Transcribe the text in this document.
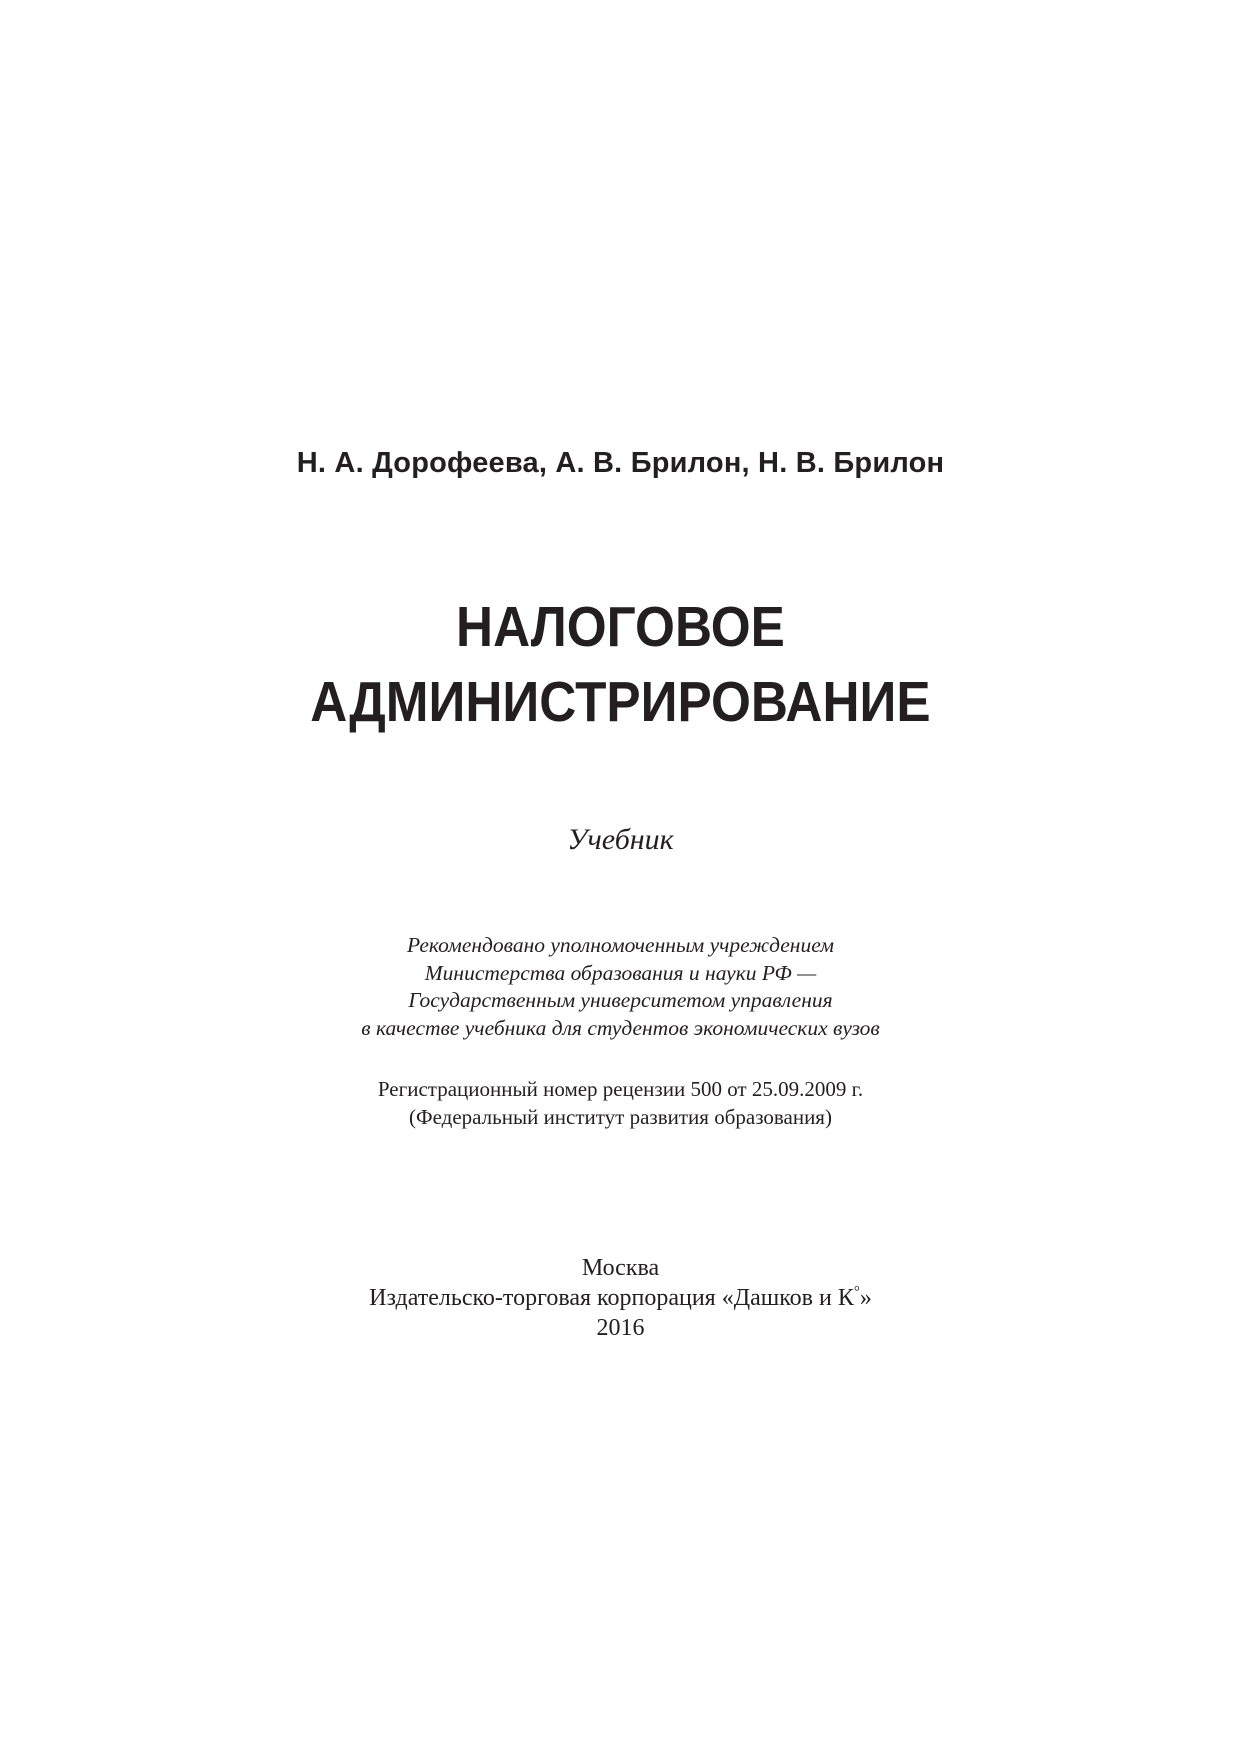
Н. А. Дорофеева, А. В. Брилон, Н. В. Брилон
НАЛОГОВОЕ
АДМИНИСТРИРОВАНИЕ
Учебник
Рекомендовано уполномоченным учреждением
Министерства образования и науки РФ —
Государственным университетом управления
в качестве учебника для студентов экономических вузов
Регистрационный номер рецензии 500 от 25.09.2009 г.
(Федеральный институт развития образования)
Москва
Издательско-торговая корпорация «Дашков и К°»
2016
